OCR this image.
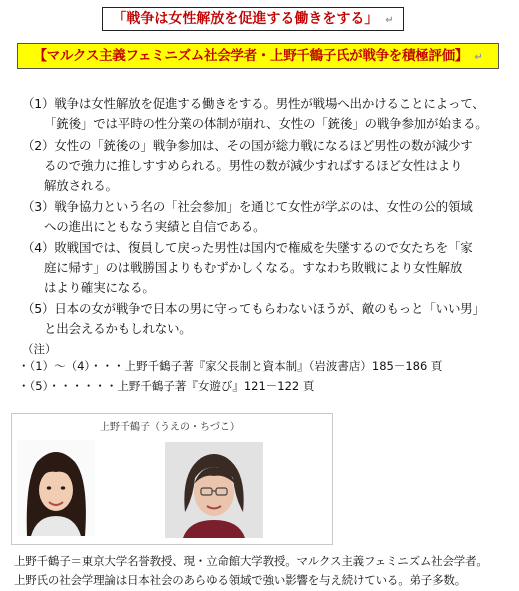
「戦争は女性解放を促進する働きをする」 ↵
【マルクス主義フェミニズム社会学者・上野千鶴子氏が戦争を積極評価】 ↵
（1）戦争は女性解放を促進する働きをする。男性が戦場へ出かけることによって、
「銃後」では平時の性分業の体制が崩れ、女性の「銃後」の戦争参加が始まる。
（2）女性の「銃後の」戦争参加は、その国が総力戦になるほど男性の数が減少す
るので強力に推しすすめられる。男性の数が減少すればするほど女性はより
解放される。
（3）戦争協力という名の「社会参加」を通じて女性が学ぶのは、女性の公的領域
への進出にともなう実績と自信である。
（4）敗戦国では、復員して戻った男性は国内で権威を失墜するので女たちを「家
庭に帰す」のは戦勝国よりもむずかしくなる。すなわち敗戦により女性解放
はより確実になる。
（5）日本の女が戦争で日本の男に守ってもらわないほうが、敵のもっと「いい男」
と出会えるかもしれない。
（注）
・（1）～（4）・・・上野千鶴子著『家父長制と資本制』（岩波書店）185－186 頁
・（5）・・・・・・上野千鶴子著『女遊び』121－122 頁
上野千鶴子（うえの・ちづこ）
上野千鶴子＝東京大学名誉教授、現・立命館大学教授。マルクス主義フェミニズム社会学者。
上野氏の社会学理論は日本社会のあらゆる領域で強い影響を与え続けている。弟子多数。
